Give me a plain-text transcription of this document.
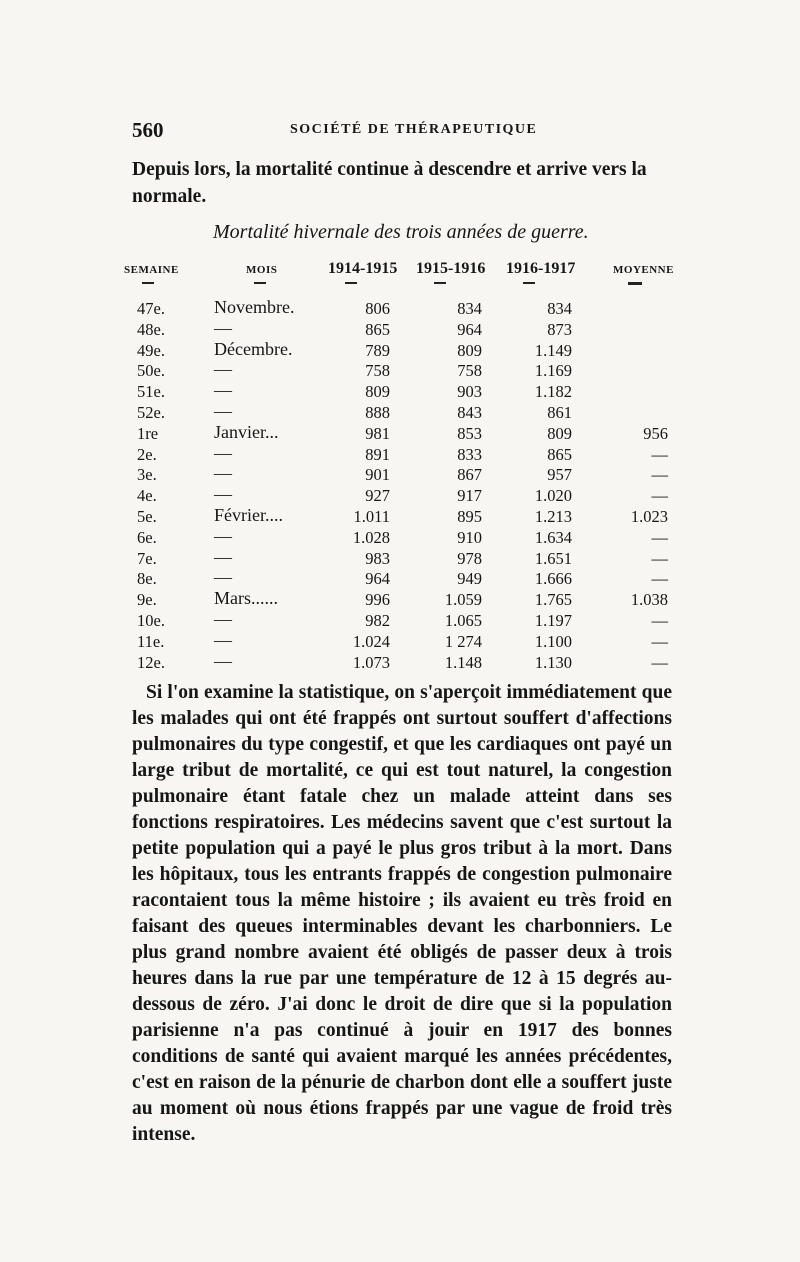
560	SOCIÉTÉ DE THÉRAPEUTIQUE
Depuis lors, la mortalité continue à descendre et arrive vers la normale.
Mortalité hivernale des trois années de guerre.
SEMAINE	MOIS	1914-1915 1915-1916 1916-1917	MOYENNE
47e.	Novembre.	806	834	834
48e.	—	865	964	873
49e.	Décembre.	789	809	1.149
50e.	—	758	758	1.169
51e.	—	809	903	1.182
52e.	—	888	843	861
1re	Janvier...	981	853	809	956
2e.	—	891	833	865	—
3e.	—	901	867	957	—
4e.	—	927	917	1.020	—
5e.	Février....	1.011	895	1.213	1.023
6e.	—	1.028	910	1.634	—
7e.	—	983	978	1.651	—
8e.	—	964	949	1.666	—
9e.	Mars......	996	1.059	1.765	1.038
10e.	—	982	1.065	1.197	—
11e.	—	1.024	1 274	1.100	—
12e.	—	1.073	1.148	1.130	—

Si l'on examine la statistique, on s'aperçoit immédiatement que les malades qui ont été frappés ont surtout souffert d'affections pulmonaires du type congestif, et que les cardiaques ont payé un large tribut de mortalité, ce qui est tout naturel, la congestion pulmonaire étant fatale chez un malade atteint dans ses fonctions respiratoires. Les médecins savent que c'est surtout la petite population qui a payé le plus gros tribut à la mort. Dans les hôpitaux, tous les entrants frappés de congestion pulmonaire racontaient tous la même histoire ; ils avaient eu très froid en faisant des queues interminables devant les charbonniers. Le plus grand nombre avaient été obligés de passer deux à trois heures dans la rue par une température de 12 à 15 degrés au-dessous de zéro. J'ai donc le droit de dire que si la population parisienne n'a pas continué à jouir en 1917 des bonnes conditions de santé qui avaient marqué les années précédentes, c'est en raison de la pénurie de charbon dont elle a souffert juste au moment où nous étions frappés par une vague de froid très intense.
